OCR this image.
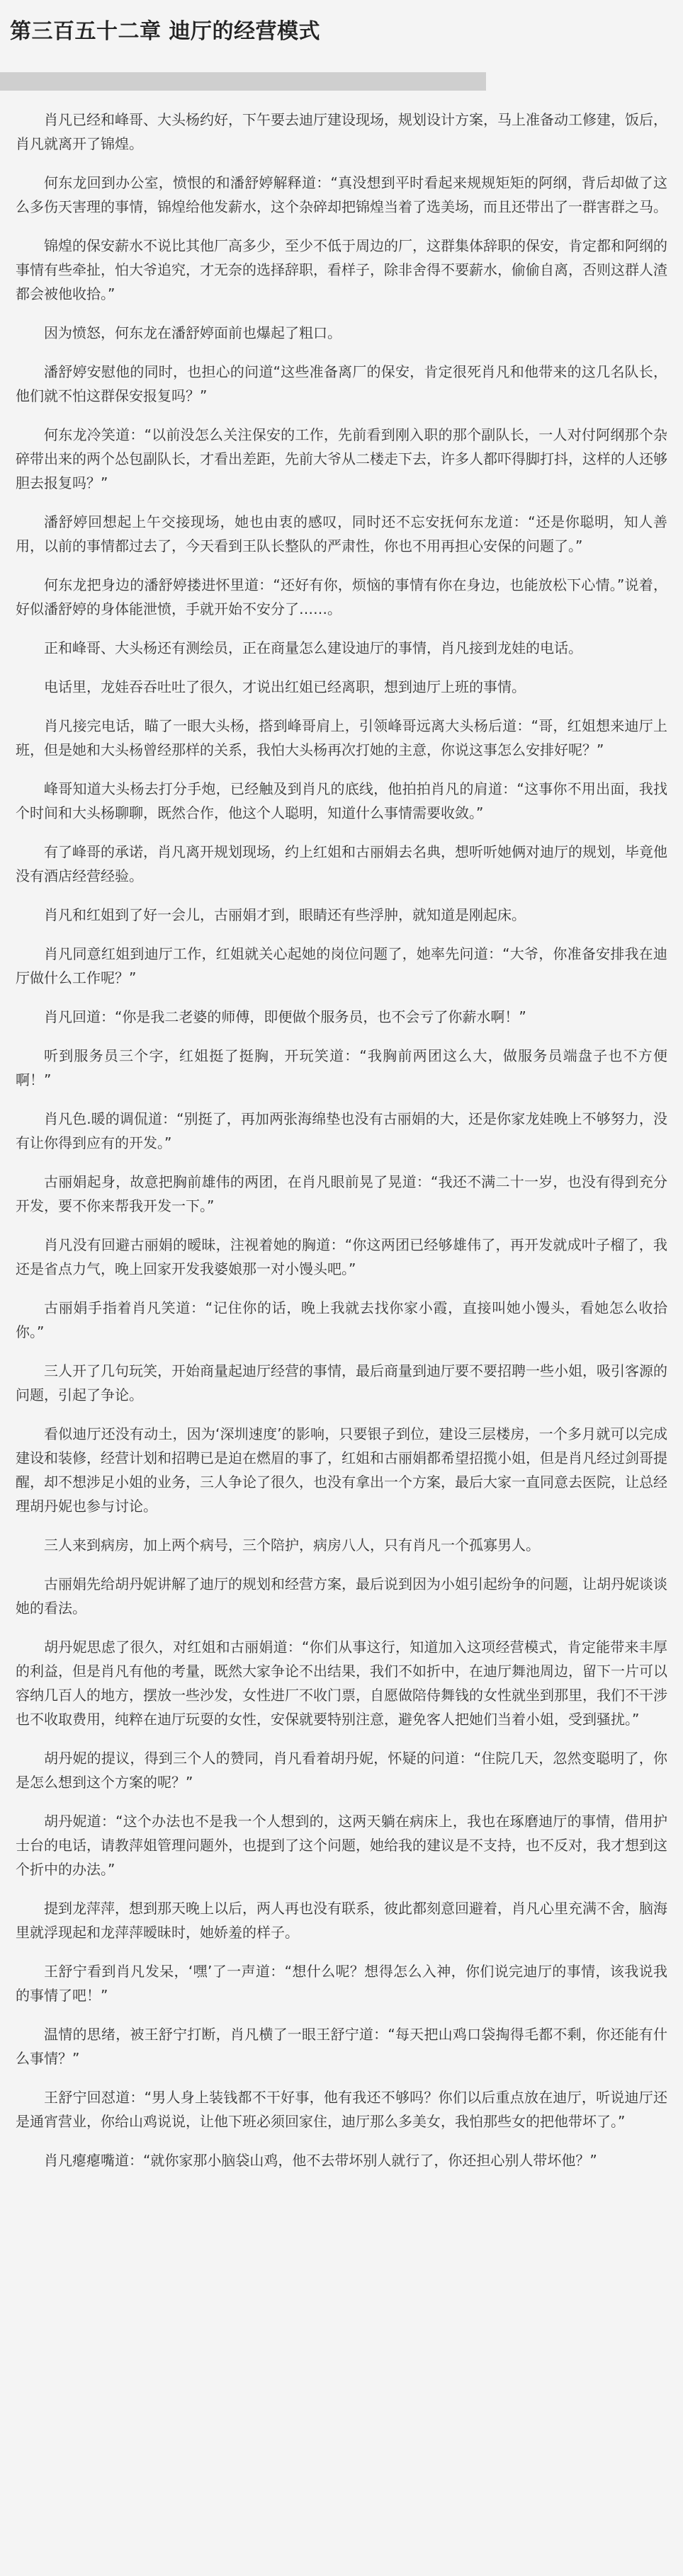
第三百五十二章 迪厅的经营模式

肖凡已经和峰哥、大头杨约好，下午要去迪厅建设现场，规划设计方案，马上准备动工修建，饭后，肖凡就离开了锦煌。

何东龙回到办公室，愤恨的和潘舒婷解释道：“真没想到平时看起来规规矩矩的阿纲，背后却做了这么多伤天害理的事情，锦煌给他发薪水，这个杂碎却把锦煌当着了选美场，而且还带出了一群害群之马。

锦煌的保安薪水不说比其他厂高多少，至少不低于周边的厂，这群集体辞职的保安，肯定都和阿纲的事情有些牵扯，怕大爷追究，才无奈的选择辞职，看样子，除非舍得不要薪水，偷偷自离，否则这群人渣都会被他收拾。”

因为愤怒，何东龙在潘舒婷面前也爆起了粗口。

潘舒婷安慰他的同时，也担心的问道“这些准备离厂的保安，肯定很死肖凡和他带来的这几名队长，他们就不怕这群保安报复吗？”

何东龙冷笑道：“以前没怎么关注保安的工作，先前看到刚入职的那个副队长，一人对付阿纲那个杂碎带出来的两个怂包副队长，才看出差距，先前大爷从二楼走下去，许多人都吓得脚打抖，这样的人还够胆去报复吗？”

潘舒婷回想起上午交接现场，她也由衷的感叹，同时还不忘安抚何东龙道：“还是你聪明，知人善用，以前的事情都过去了，今天看到王队长整队的严肃性，你也不用再担心安保的问题了。”

何东龙把身边的潘舒婷搂进怀里道：“还好有你，烦恼的事情有你在身边，也能放松下心情。”说着，好似潘舒婷的身体能泄愤，手就开始不安分了……。

正和峰哥、大头杨还有测绘员，正在商量怎么建设迪厅的事情，肖凡接到龙娃的电话。

电话里，龙娃吞吞吐吐了很久，才说出红姐已经离职，想到迪厅上班的事情。

肖凡接完电话，瞄了一眼大头杨，搭到峰哥肩上，引领峰哥远离大头杨后道：“哥，红姐想来迪厅上班，但是她和大头杨曾经那样的关系，我怕大头杨再次打她的主意，你说这事怎么安排好呢？”

峰哥知道大头杨去打分手炮，已经触及到肖凡的底线，他拍拍肖凡的肩道：“这事你不用出面，我找个时间和大头杨聊聊，既然合作，他这个人聪明，知道什么事情需要收敛。”

有了峰哥的承诺，肖凡离开规划现场，约上红姐和古丽娟去名典，想听听她俩对迪厅的规划，毕竟他没有酒店经营经验。

肖凡和红姐到了好一会儿，古丽娟才到，眼睛还有些浮肿，就知道是刚起床。

肖凡同意红姐到迪厅工作，红姐就关心起她的岗位问题了，她率先问道：“大爷，你准备安排我在迪厅做什么工作呢？”

肖凡回道：“你是我二老婆的师傅，即便做个服务员，也不会亏了你薪水啊！”

听到服务员三个字，红姐挺了挺胸，开玩笑道：“我胸前两团这么大，做服务员端盘子也不方便啊！”

肖凡色.暖的调侃道：“别挺了，再加两张海绵垫也没有古丽娟的大，还是你家龙娃晚上不够努力，没有让你得到应有的开发。”

古丽娟起身，故意把胸前雄伟的两团，在肖凡眼前晃了晃道：“我还不满二十一岁，也没有得到充分开发，要不你来帮我开发一下。”

肖凡没有回避古丽娟的暧昧，注视着她的胸道：“你这两团已经够雄伟了，再开发就成叶子榴了，我还是省点力气，晚上回家开发我婆娘那一对小馒头吧。”

古丽娟手指着肖凡笑道：“记住你的话，晚上我就去找你家小霞，直接叫她小馒头，看她怎么收拾你。”

三人开了几句玩笑，开始商量起迪厅经营的事情，最后商量到迪厅要不要招聘一些小姐，吸引客源的问题，引起了争论。

看似迪厅还没有动土，因为‘深圳速度’的影响，只要银子到位，建设三层楼房，一个多月就可以完成建设和装修，经营计划和招聘已是迫在燃眉的事了，红姐和古丽娟都希望招揽小姐，但是肖凡经过剑哥提醒，却不想涉足小姐的业务，三人争论了很久，也没有拿出一个方案，最后大家一直同意去医院，让总经理胡丹妮也参与讨论。

三人来到病房，加上两个病号，三个陪护，病房八人，只有肖凡一个孤寡男人。

古丽娟先给胡丹妮讲解了迪厅的规划和经营方案，最后说到因为小姐引起纷争的问题，让胡丹妮谈谈她的看法。

胡丹妮思虑了很久，对红姐和古丽娟道：“你们从事这行，知道加入这项经营模式，肯定能带来丰厚的利益，但是肖凡有他的考量，既然大家争论不出结果，我们不如折中，在迪厅舞池周边，留下一片可以容纳几百人的地方，摆放一些沙发，女性进厂不收门票，自愿做陪侍舞钱的女性就坐到那里，我们不干涉也不收取费用，纯粹在迪厅玩耍的女性，安保就要特别注意，避免客人把她们当着小姐，受到骚扰。”

胡丹妮的提议，得到三个人的赞同，肖凡看着胡丹妮，怀疑的问道：“住院几天，忽然变聪明了，你是怎么想到这个方案的呢？”

胡丹妮道：“这个办法也不是我一个人想到的，这两天躺在病床上，我也在琢磨迪厅的事情，借用护士台的电话，请教萍姐管理问题外，也提到了这个问题，她给我的建议是不支持，也不反对，我才想到这个折中的办法。”

提到龙萍萍，想到那天晚上以后，两人再也没有联系，彼此都刻意回避着，肖凡心里充满不舍，脑海里就浮现起和龙萍萍暧昧时，她娇羞的样子。

王舒宁看到肖凡发呆，‘嘿’了一声道：“想什么呢？想得怎么入神，你们说完迪厅的事情，该我说我的事情了吧！”

温情的思绪，被王舒宁打断，肖凡横了一眼王舒宁道：“每天把山鸡口袋掏得毛都不剩，你还能有什么事情？”

王舒宁回怼道：“男人身上装钱都不干好事，他有我还不够吗？你们以后重点放在迪厅，听说迪厅还是通宵营业，你给山鸡说说，让他下班必须回家住，迪厅那么多美女，我怕那些女的把他带坏了。”

肖凡瘪瘪嘴道：“就你家那小脑袋山鸡，他不去带坏别人就行了，你还担心别人带坏他？”
